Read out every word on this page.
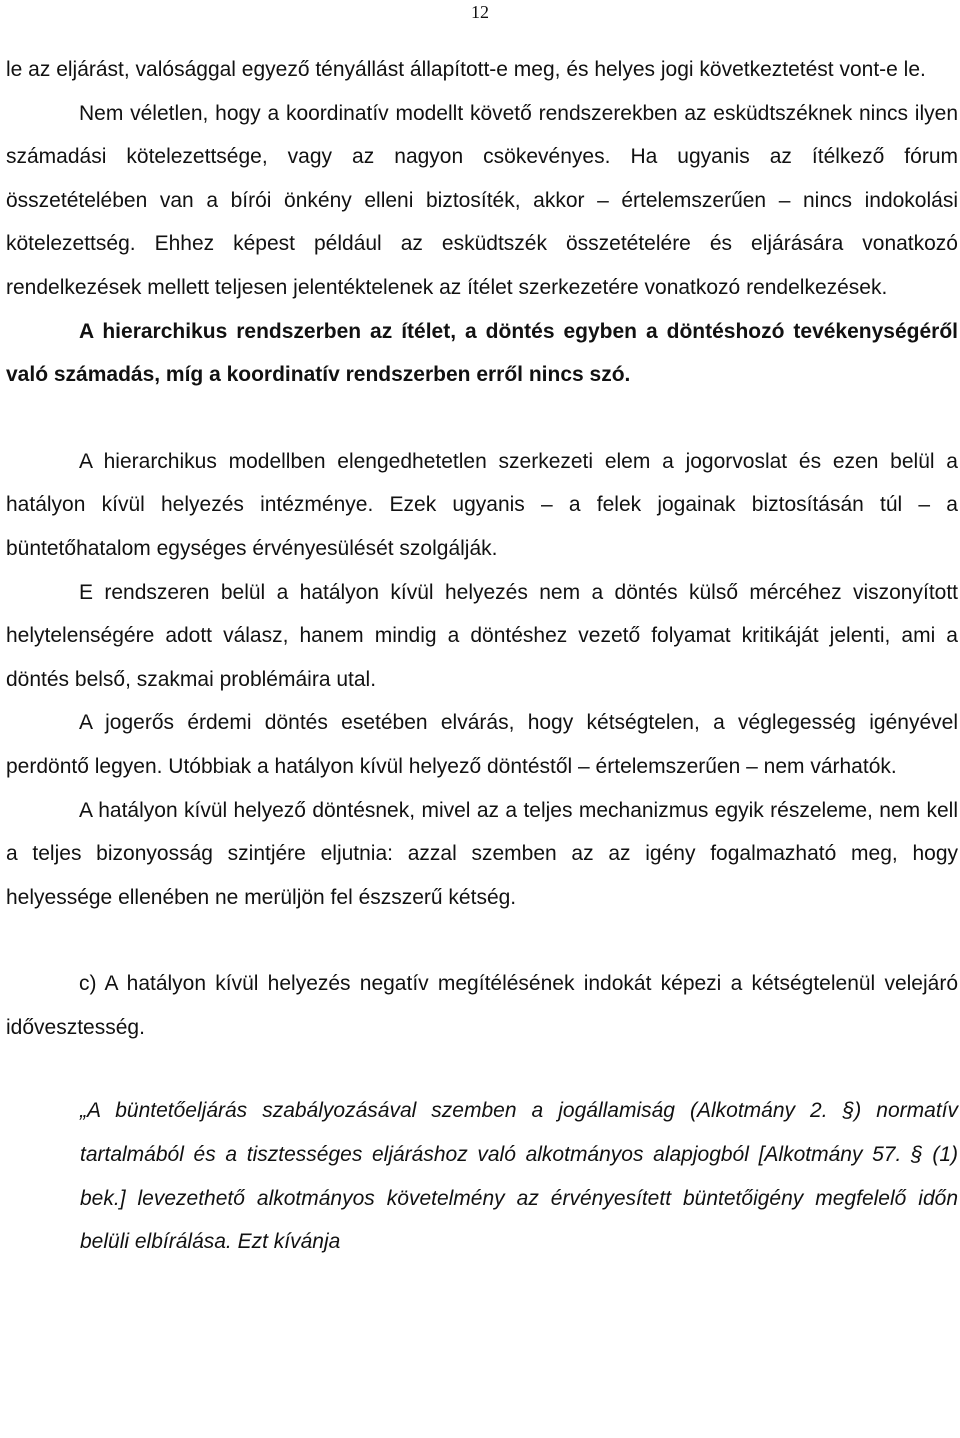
12

le az eljárást, valósággal egyező tényállást állapított-e meg, és helyes jogi következtetést vont-e le.

Nem véletlen, hogy a koordinatív modellt követő rendszerekben az esküdtszéknek nincs ilyen számadási kötelezettsége, vagy az nagyon csökevényes. Ha ugyanis az ítélkező fórum összetételében van a bírói önkény elleni biztosíték, akkor – értelemszerűen – nincs indokolási kötelezettség. Ehhez képest például az esküdtszék összetételére és eljárására vonatkozó rendelkezések mellett teljesen jelentéktelenek az ítélet szerkezetére vonatkozó rendelkezések.

A hierarchikus rendszerben az ítélet, a döntés egyben a döntéshozó tevékenységéről való számadás, míg a koordinatív rendszerben erről nincs szó.

A hierarchikus modellben elengedhetetlen szerkezeti elem a jogorvoslat és ezen belül a hatályon kívül helyezés intézménye. Ezek ugyanis – a felek jogainak biztosításán túl – a büntetőhatalom egységes érvényesülését szolgálják.

E rendszeren belül a hatályon kívül helyezés nem a döntés külső mércéhez viszonyított helytelenségére adott válasz, hanem mindig a döntéshez vezető folyamat kritikáját jelenti, ami a döntés belső, szakmai problémáira utal.

A jogerős érdemi döntés esetében elvárás, hogy kétségtelen, a véglegesség igényével perdöntő legyen. Utóbbiak a hatályon kívül helyező döntéstől – értelemszerűen – nem várhatók.

A hatályon kívül helyező döntésnek, mivel az a teljes mechanizmus egyik részeleme, nem kell a teljes bizonyosság szintjére eljutnia: azzal szemben az az igény fogalmazható meg, hogy helyessége ellenében ne merüljön fel észszerű kétség.

c) A hatályon kívül helyezés negatív megítélésének indokát képezi a kétségtelenül velejáró idővesztesség.

„A büntetőeljárás szabályozásával szemben a jogállamiság (Alkotmány 2. §) normatív tartalmából és a tisztességes eljáráshoz való alkotmányos alapjogból [Alkotmány 57. § (1) bek.] levezethető alkotmányos követelmény az érvényesített büntetőigény megfelelő időn belüli elbírálása. Ezt kívánja
